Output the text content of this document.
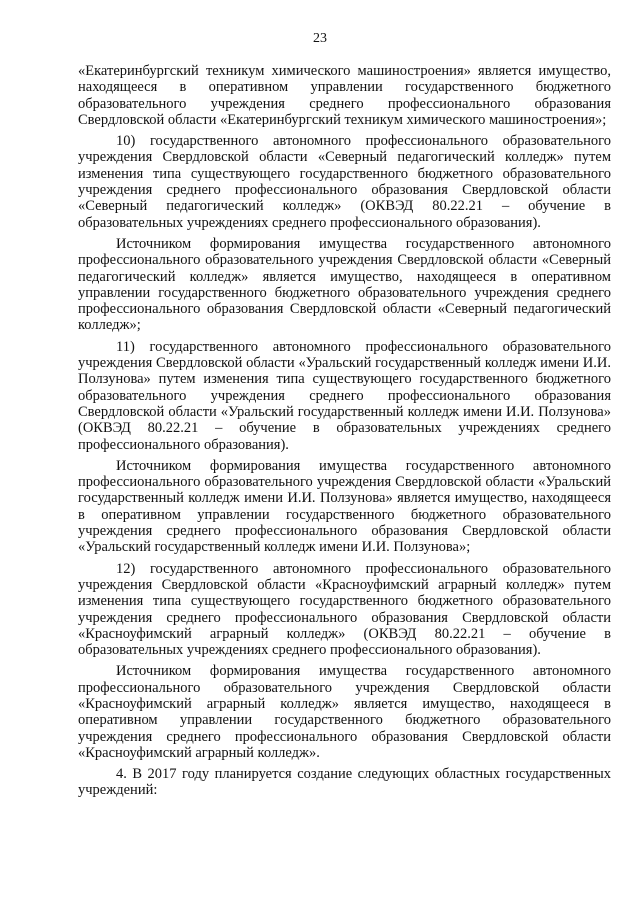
23

«Екатеринбургский техникум химического машиностроения» является имущество, находящееся в оперативном управлении государственного бюджетного образовательного учреждения среднего профессионального образования Свердловской области «Екатеринбургский техникум химического машиностроения»;

10) государственного автономного профессионального образовательного учреждения Свердловской области «Северный педагогический колледж» путем изменения типа существующего государственного бюджетного образовательного учреждения среднего профессионального образования Свердловской области «Северный педагогический колледж» (ОКВЭД 80.22.21 – обучение в образовательных учреждениях среднего профессионального образования).

Источником формирования имущества государственного автономного профессионального образовательного учреждения Свердловской области «Северный педагогический колледж» является имущество, находящееся в оперативном управлении государственного бюджетного образовательного учреждения среднего профессионального образования Свердловской области «Северный педагогический колледж»;

11) государственного автономного профессионального образовательного учреждения Свердловской области «Уральский государственный колледж имени И.И. Ползунова» путем изменения типа существующего государственного бюджетного образовательного учреждения среднего профессионального образования Свердловской области «Уральский государственный колледж имени И.И. Ползунова» (ОКВЭД 80.22.21 – обучение в образовательных учреждениях среднего профессионального образования).

Источником формирования имущества государственного автономного профессионального образовательного учреждения Свердловской области «Уральский государственный колледж имени И.И. Ползунова» является имущество, находящееся в оперативном управлении государственного бюджетного образовательного учреждения среднего профессионального образования Свердловской области «Уральский государственный колледж имени И.И. Ползунова»;

12) государственного автономного профессионального образовательного учреждения Свердловской области «Красноуфимский аграрный колледж» путем изменения типа существующего государственного бюджетного образовательного учреждения среднего профессионального образования Свердловской области «Красноуфимский аграрный колледж» (ОКВЭД 80.22.21 – обучение в образовательных учреждениях среднего профессионального образования).

Источником формирования имущества государственного автономного профессионального образовательного учреждения Свердловской области «Красноуфимский аграрный колледж» является имущество, находящееся в оперативном управлении государственного бюджетного образовательного учреждения среднего профессионального образования Свердловской области «Красноуфимский аграрный колледж».

4. В 2017 году планируется создание следующих областных государственных учреждений:
